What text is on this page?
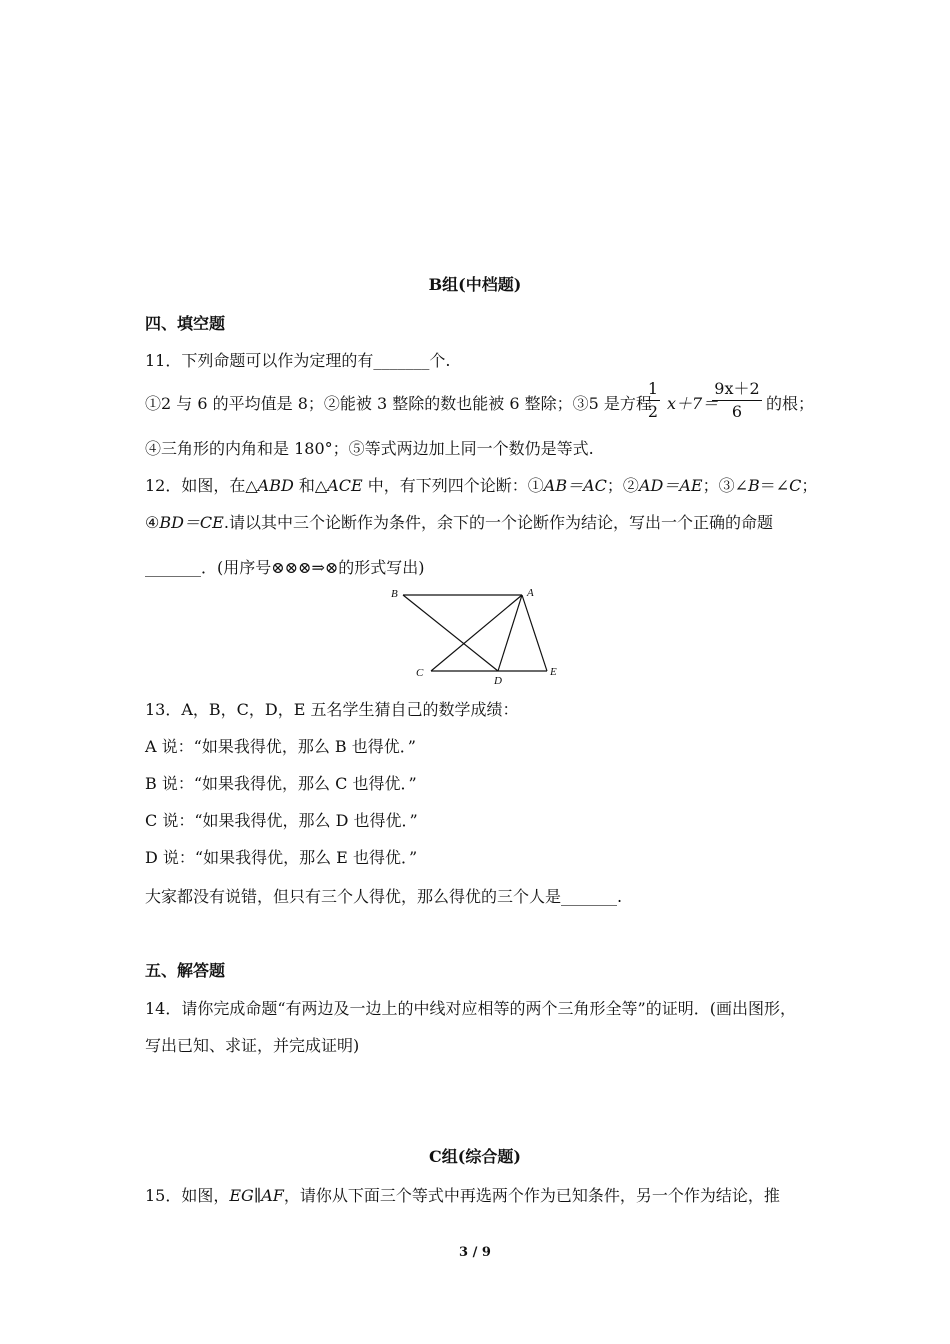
B组(中档题)
四、填空题
11．下列命题可以作为定理的有_______个.
①2 与 6 的平均值是 8；②能被 3 整除的数也能被 6 整除；③5 是方程
1
2 x＋7＝
9x＋2
6	的根；
④三角形的内角和是 180°；⑤等式两边加上同一个数仍是等式.
12．如图，在△ABD 和△ACE 中，有下列四个论断：①AB＝AC；②AD＝AE；③∠B＝∠C；
④BD＝CE.请以其中三个论断作为条件，余下的一个论断作为结论，写出一个正确的命题
_______．(用序号⊗⊗⊗⇒⊗的形式写出)
B	A
C
D
E
13．A，B，C，D，E 五名学生猜自己的数学成绩：
A 说：“如果我得优，那么 B 也得优．”
B 说：“如果我得优，那么 C 也得优．”
C 说：“如果我得优，那么 D 也得优．”
D 说：“如果我得优，那么 E 也得优．”
大家都没有说错，但只有三个人得优，那么得优的三个人是_______.
五、解答题
14．请你完成命题“有两边及一边上的中线对应相等的两个三角形全等”的证明．(画出图形，
写出已知、求证，并完成证明)
C组(综合题)
15．如图，EG∥AF，请你从下面三个等式中再选两个作为已知条件，另一个作为结论，推
3 / 9
